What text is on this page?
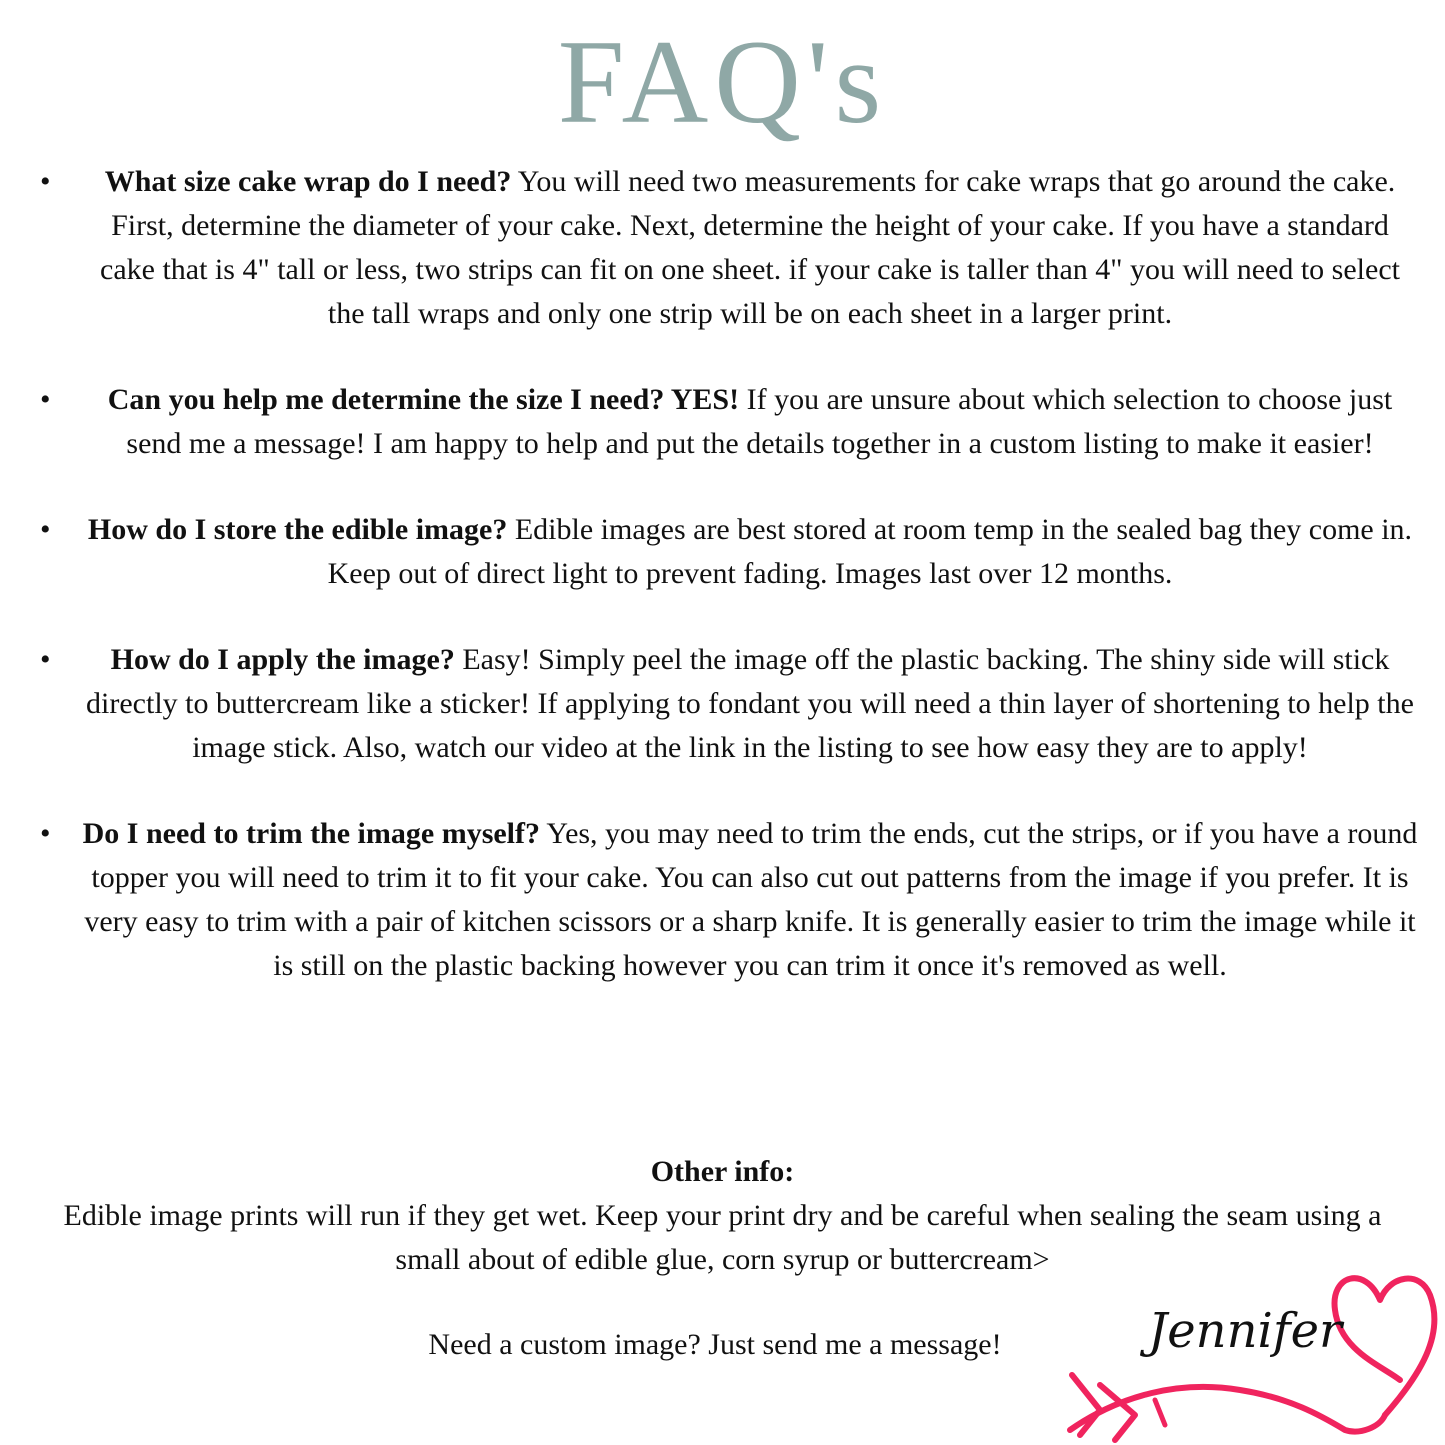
FAQ's
• What size cake wrap do I need? You will need two measurements for cake wraps that go around the cake. First, determine the diameter of your cake. Next, determine the height of your cake. If you have a standard cake that is 4" tall or less, two strips can fit on one sheet. if your cake is taller than 4" you will need to select the tall wraps and only one strip will be on each sheet in a larger print.
• Can you help me determine the size I need? YES! If you are unsure about which selection to choose just send me a message! I am happy to help and put the details together in a custom listing to make it easier!
• How do I store the edible image? Edible images are best stored at room temp in the sealed bag they come in. Keep out of direct light to prevent fading. Images last over 12 months.
• How do I apply the image? Easy! Simply peel the image off the plastic backing. The shiny side will stick directly to buttercream like a sticker! If applying to fondant you will need a thin layer of shortening to help the image stick. Also, watch our video at the link in the listing to see how easy they are to apply!
• Do I need to trim the image myself? Yes, you may need to trim the ends, cut the strips, or if you have a round topper you will need to trim it to fit your cake. You can also cut out patterns from the image if you prefer. It is very easy to trim with a pair of kitchen scissors or a sharp knife. It is generally easier to trim the image while it is still on the plastic backing however you can trim it once it's removed as well.
Other info:
Edible image prints will run if they get wet. Keep your print dry and be careful when sealing the seam using a small about of edible glue, corn syrup or buttercream>
Need a custom image? Just send me a message!	Jennifer
